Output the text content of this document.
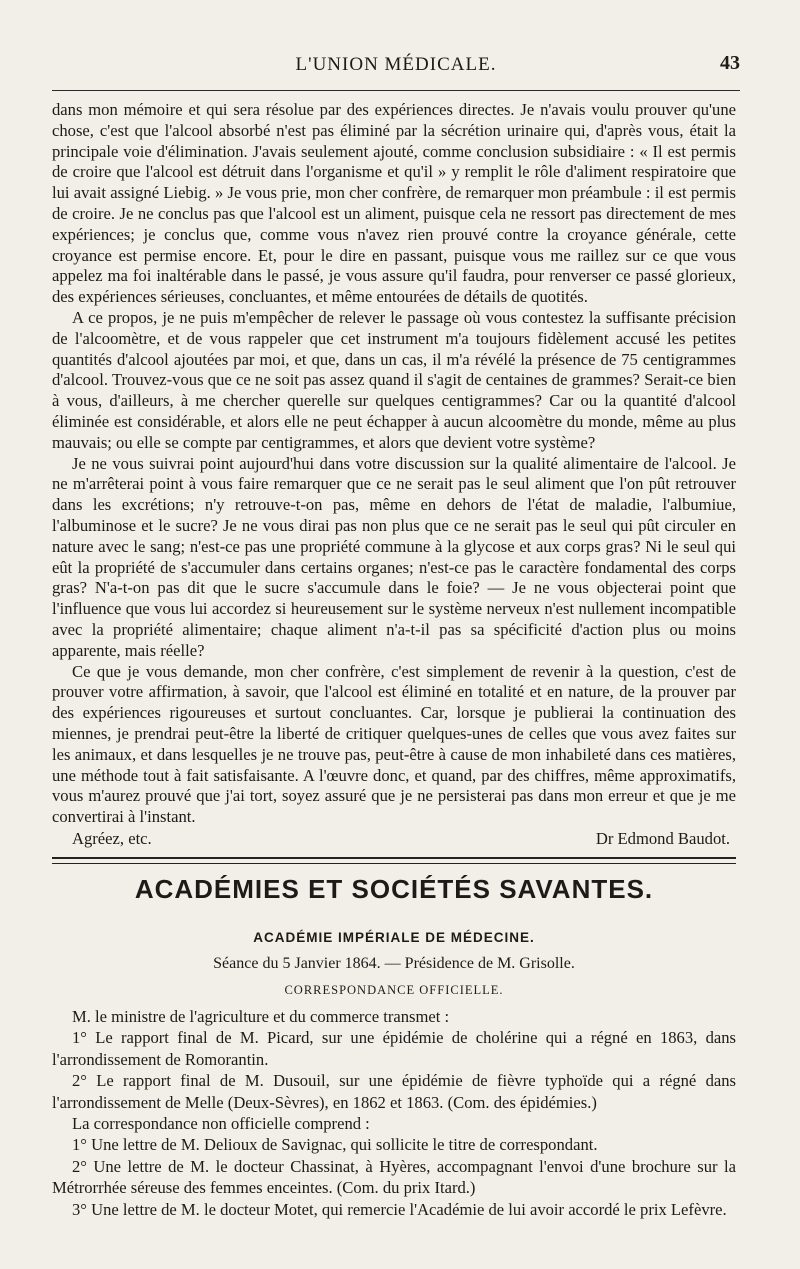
L'UNION MÉDICALE.	43

dans mon mémoire et qui sera résolue par des expériences directes. Je n'avais voulu prouver qu'une chose, c'est que l'alcool absorbé n'est pas éliminé par la sécrétion urinaire qui, d'après vous, était la principale voie d'élimination. J'avais seulement ajouté, comme conclusion subsidiaire : « Il est permis de croire que l'alcool est détruit dans l'organisme et qu'il » y remplit le rôle d'aliment respiratoire que lui avait assigné Liebig. » Je vous prie, mon cher confrère, de remarquer mon préambule : il est permis de croire. Je ne conclus pas que l'alcool est un aliment, puisque cela ne ressort pas directement de mes expériences; je conclus que, comme vous n'avez rien prouvé contre la croyance générale, cette croyance est permise encore. Et, pour le dire en passant, puisque vous me raillez sur ce que vous appelez ma foi inaltérable dans le passé, je vous assure qu'il faudra, pour renverser ce passé glorieux, des expériences sérieuses, concluantes, et même entourées de détails de quotités.

A ce propos, je ne puis m'empêcher de relever le passage où vous contestez la suffisante précision de l'alcoomètre, et de vous rappeler que cet instrument m'a toujours fidèlement accusé les petites quantités d'alcool ajoutées par moi, et que, dans un cas, il m'a révélé la présence de 75 centigrammes d'alcool. Trouvez-vous que ce ne soit pas assez quand il s'agit de centaines de grammes? Serait-ce bien à vous, d'ailleurs, à me chercher querelle sur quelques centigrammes? Car ou la quantité d'alcool éliminée est considérable, et alors elle ne peut échapper à aucun alcoomètre du monde, même au plus mauvais; ou elle se compte par centigrammes, et alors que devient votre système?

Je ne vous suivrai point aujourd'hui dans votre discussion sur la qualité alimentaire de l'alcool. Je ne m'arrêterai point à vous faire remarquer que ce ne serait pas le seul aliment que l'on pût retrouver dans les excrétions; n'y retrouve-t-on pas, même en dehors de l'état de maladie, l'albumiue, l'albuminose et le sucre? Je ne vous dirai pas non plus que ce ne serait pas le seul qui pût circuler en nature avec le sang; n'est-ce pas une propriété commune à la glycose et aux corps gras? Ni le seul qui eût la propriété de s'accumuler dans certains organes; n'est-ce pas le caractère fondamental des corps gras? N'a-t-on pas dit que le sucre s'accumule dans le foie? — Je ne vous objecterai point que l'influence que vous lui accordez si heureusement sur le système nerveux n'est nullement incompatible avec la propriété alimentaire; chaque aliment n'a-t-il pas sa spécificité d'action plus ou moins apparente, mais réelle?

Ce que je vous demande, mon cher confrère, c'est simplement de revenir à la question, c'est de prouver votre affirmation, à savoir, que l'alcool est éliminé en totalité et en nature, de la prouver par des expériences rigoureuses et surtout concluantes. Car, lorsque je publierai la continuation des miennes, je prendrai peut-être la liberté de critiquer quelques-unes de celles que vous avez faites sur les animaux, et dans lesquelles je ne trouve pas, peut-être à cause de mon inhabileté dans ces matières, une méthode tout à fait satisfaisante. A l'œuvre donc, et quand, par des chiffres, même approximatifs, vous m'aurez prouvé que j'ai tort, soyez assuré que je ne persisterai pas dans mon erreur et que je me convertirai à l'instant.

Agréez, etc.	Dr Edmond Baudot.
ACADÉMIES ET SOCIÉTÉS SAVANTES.
ACADÉMIE IMPÉRIALE DE MÉDECINE.
Séance du 5 Janvier 1864. — Présidence de M. Grisolle.
CORRESPONDANCE OFFICIELLE.

M. le ministre de l'agriculture et du commerce transmet :

1° Le rapport final de M. Picard, sur une épidémie de cholérine qui a régné en 1863, dans l'arrondissement de Romorantin.

2° Le rapport final de M. Dusouil, sur une épidémie de fièvre typhoïde qui a régné dans l'arrondissement de Melle (Deux-Sèvres), en 1862 et 1863. (Com. des épidémies.)

La correspondance non officielle comprend :

1° Une lettre de M. Delioux de Savignac, qui sollicite le titre de correspondant.

2° Une lettre de M. le docteur Chassinat, à Hyères, accompagnant l'envoi d'une brochure sur la Métrorrhée séreuse des femmes enceintes. (Com. du prix Itard.)

3° Une lettre de M. le docteur Motet, qui remercie l'Académie de lui avoir accordé le prix Lefèvre.
